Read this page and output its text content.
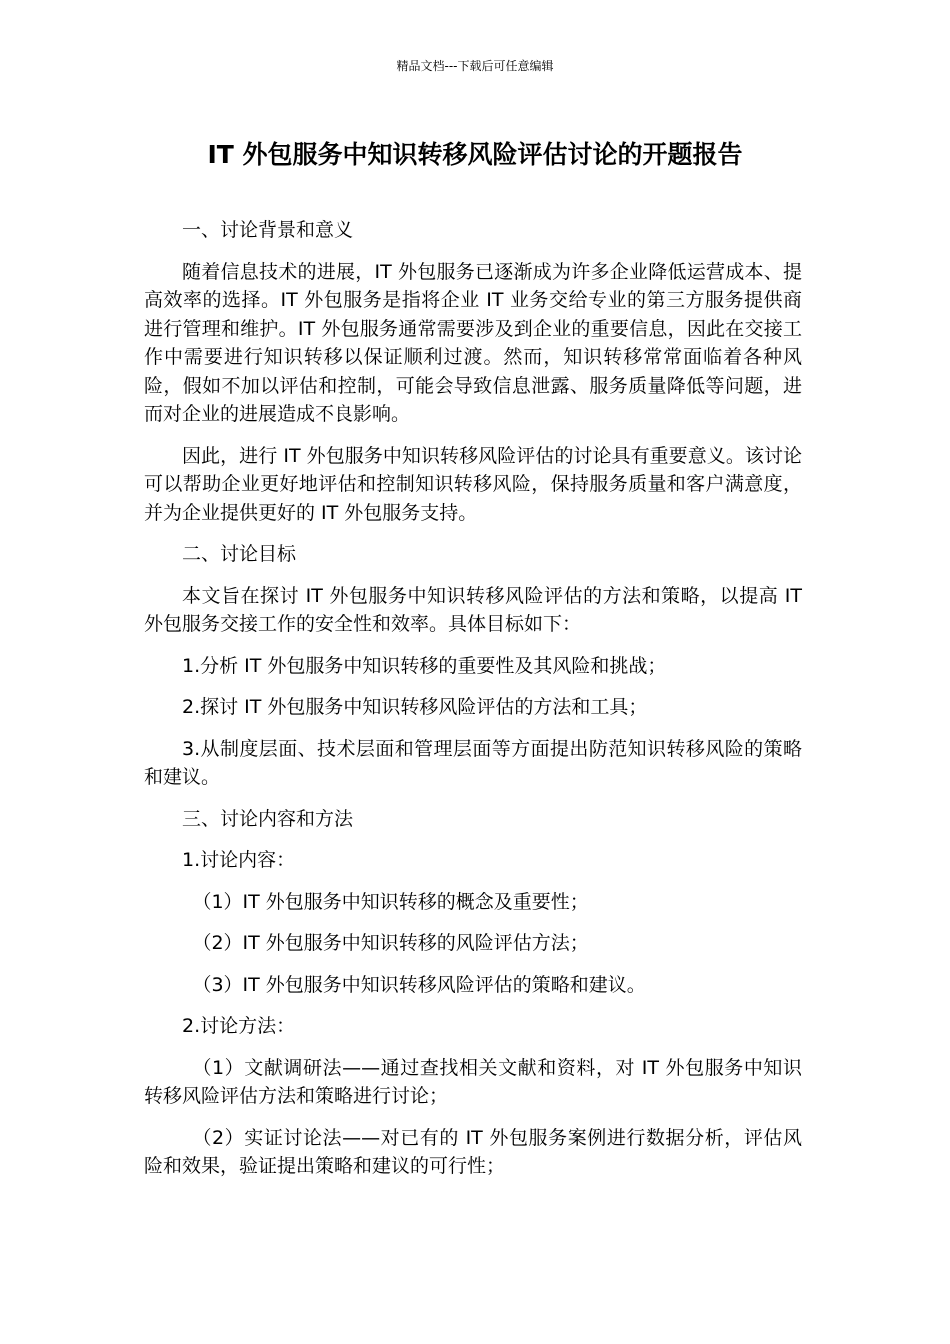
精品文档---下载后可任意编辑
IT 外包服务中知识转移风险评估讨论的开题报告

一、讨论背景和意义

随着信息技术的进展，IT 外包服务已逐渐成为许多企业降低运营成本、提高效率的选择。IT 外包服务是指将企业 IT 业务交给专业的第三方服务提供商进行管理和维护。IT 外包服务通常需要涉及到企业的重要信息，因此在交接工作中需要进行知识转移以保证顺利过渡。然而，知识转移常常面临着各种风险，假如不加以评估和控制，可能会导致信息泄露、服务质量降低等问题，进而对企业的进展造成不良影响。

因此，进行 IT 外包服务中知识转移风险评估的讨论具有重要意义。该讨论可以帮助企业更好地评估和控制知识转移风险，保持服务质量和客户满意度，并为企业提供更好的 IT 外包服务支持。

二、讨论目标

本文旨在探讨 IT 外包服务中知识转移风险评估的方法和策略，以提高 IT 外包服务交接工作的安全性和效率。具体目标如下：

1.分析 IT 外包服务中知识转移的重要性及其风险和挑战；

2.探讨 IT 外包服务中知识转移风险评估的方法和工具；

3.从制度层面、技术层面和管理层面等方面提出防范知识转移风险的策略和建议。

三、讨论内容和方法

1.讨论内容：

（1）IT 外包服务中知识转移的概念及重要性；

（2）IT 外包服务中知识转移的风险评估方法；

（3）IT 外包服务中知识转移风险评估的策略和建议。

2.讨论方法：

（1）文献调研法——通过查找相关文献和资料，对 IT 外包服务中知识转移风险评估方法和策略进行讨论；

（2）实证讨论法——对已有的 IT 外包服务案例进行数据分析，评估风险和效果，验证提出策略和建议的可行性；
